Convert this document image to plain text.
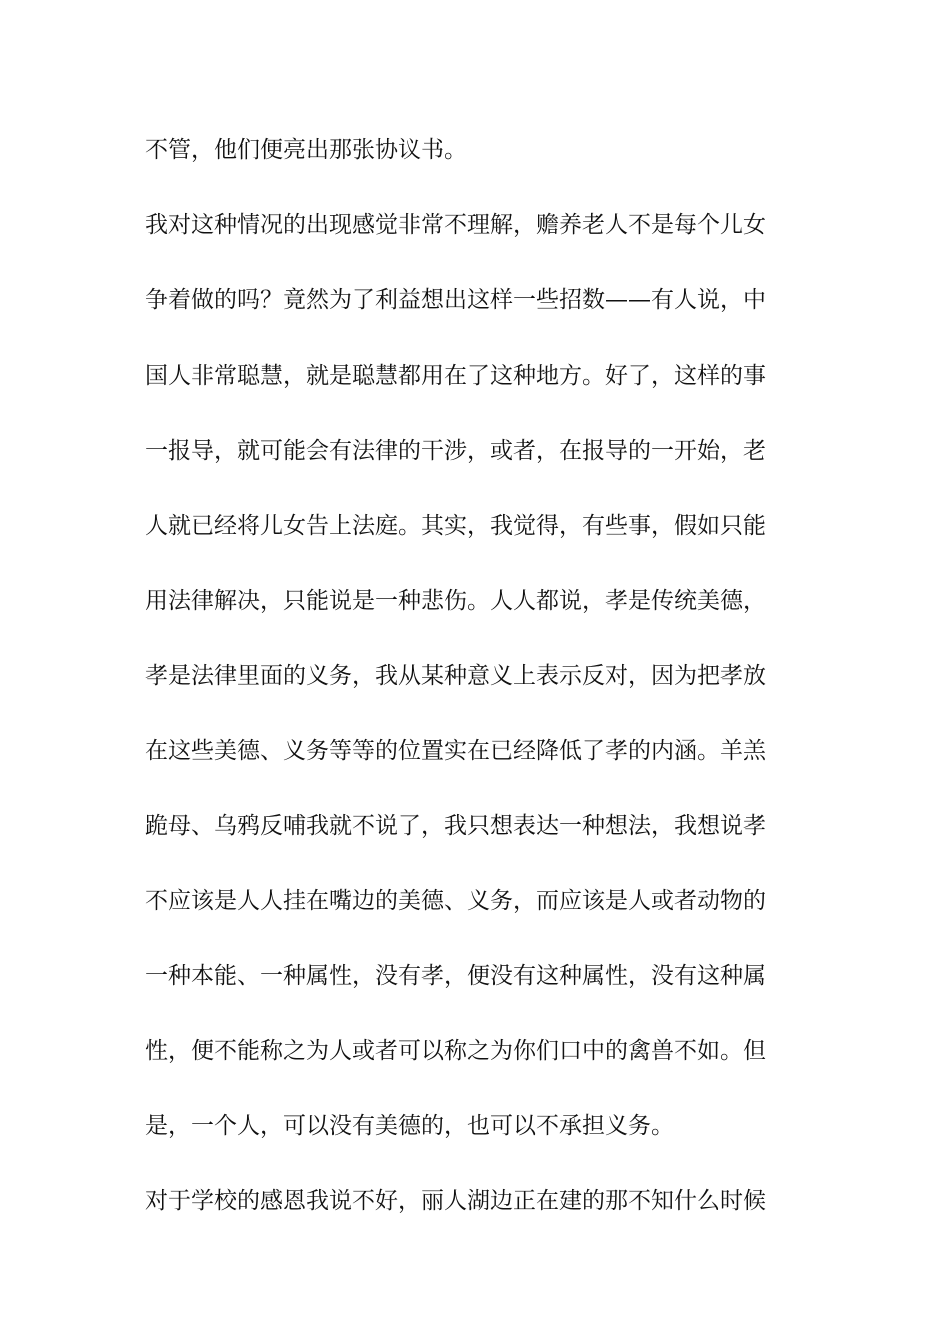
不管，他们便亮出那张协议书。
我对这种情况的出现感觉非常不理解，赡养老人不是每个儿女
争着做的吗？竟然为了利益想出这样一些招数——有人说，中
国人非常聪慧，就是聪慧都用在了这种地方。好了，这样的事
一报导，就可能会有法律的干涉，或者，在报导的一开始，老
人就已经将儿女告上法庭。其实，我觉得，有些事，假如只能
用法律解决，只能说是一种悲伤。人人都说，孝是传统美德，
孝是法律里面的义务，我从某种意义上表示反对，因为把孝放
在这些美德、义务等等的位置实在已经降低了孝的内涵。羊羔
跪母、乌鸦反哺我就不说了，我只想表达一种想法，我想说孝
不应该是人人挂在嘴边的美德、义务，而应该是人或者动物的
一种本能、一种属性，没有孝，便没有这种属性，没有这种属
性，便不能称之为人或者可以称之为你们口中的禽兽不如。但
是，一个人，可以没有美德的，也可以不承担义务。
对于学校的感恩我说不好，丽人湖边正在建的那不知什么时候
